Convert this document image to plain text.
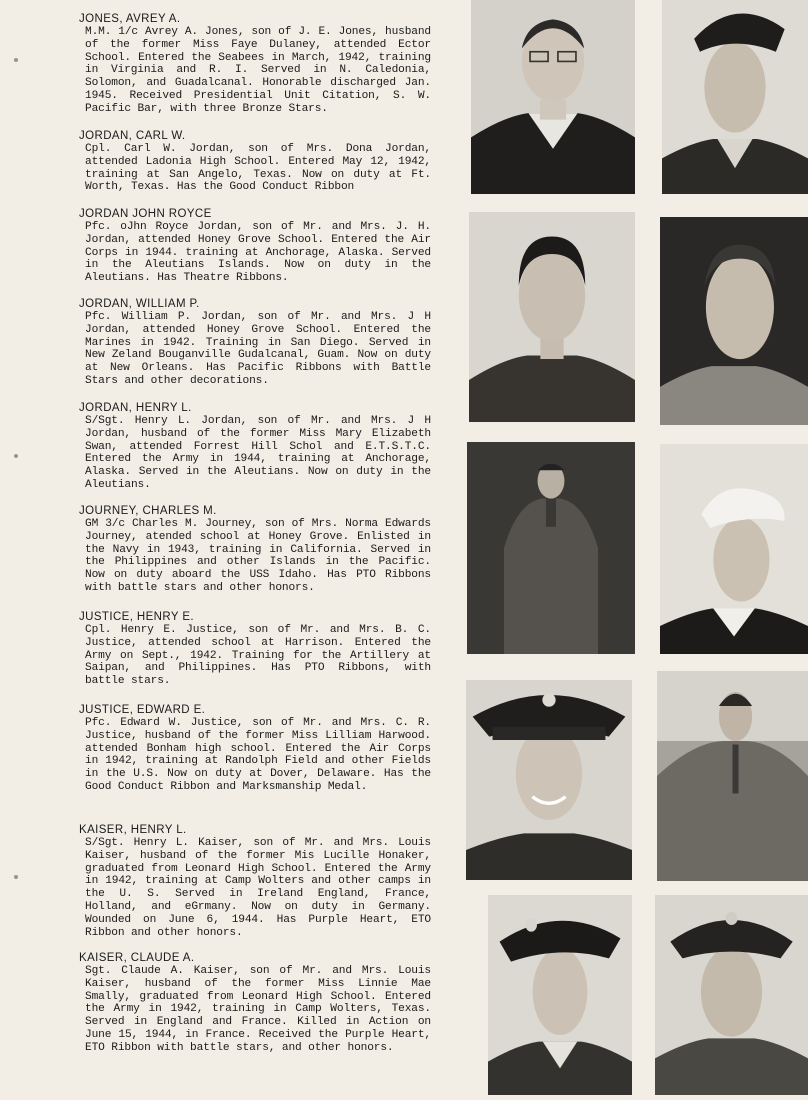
JONES, AVREY A.
M.M. 1/c Avrey A. Jones, son of J. E. Jones, husband of the former Miss Faye Dulaney, attended Ector School. Entered the Seabees in March, 1942, training in Virginia and R. I. Served in N. Caledonia, Solomon, and Guadalcanal. Honorable discharged Jan. 1945. Received Presidential Unit Citation, S. W. Pacific Bar, with three Bronze Stars.
JORDAN, CARL W.
Cpl. Carl W. Jordan, son of Mrs. Dona Jordan, attended Ladonia High School. Entered May 12, 1942, training at San Angelo, Texas. Now on duty at Ft. Worth, Texas. Has the Good Conduct Ribbon
JORDAN JOHN ROYCE
Pfc. oJhn Royce Jordan, son of Mr. and Mrs. J. H. Jordan, attended Honey Grove School. Entered the Air Corps in 1944. training at Anchorage, Alaska. Served in the Aleutians Islands. Now on duty in the Aleutians. Has Theatre Ribbons.
JORDAN, WILLIAM P.
Pfc. William P. Jordan, son of Mr. and Mrs. J H Jordan, attended Honey Grove School. Entered the Marines in 1942. Training in San Diego. Served in New Zeland Bouganville Gudalcanal, Guam. Now on duty at New Orleans. Has Pacific Ribbons with Battle Stars and other decorations.
JORDAN, HENRY L.
S/Sgt. Henry L. Jordan, son of Mr. and Mrs. J H Jordan, husband of the former Miss Mary Elizabeth Swan, attended Forrest Hill Schol and E.T.S.T.C. Entered the Army in 1944, training at Anchorage, Alaska. Served in the Aleutians. Now on duty in the Aleutians.
JOURNEY, CHARLES M.
GM 3/c Charles M. Journey, son of Mrs. Norma Edwards Journey, atended school at Honey Grove. Enlisted in the Navy in 1943, training in California. Served in the Philippines and other Islands in the Pacific. Now on duty aboard the USS Idaho. Has PTO Ribbons with battle stars and other honors.
JUSTICE, HENRY E.
Cpl. Henry E. Justice, son of Mr. and Mrs. B. C. Justice, attended school at Harrison. Entered the Army on Sept., 1942. Training for the Artillery at Saipan, and Philippines. Has PTO Ribbons, with battle stars.
JUSTICE, EDWARD E.
Pfc. Edward W. Justice, son of Mr. and Mrs. C. R. Justice, husband of the former Miss Lilliam Harwood. attended Bonham high school. Entered the Air Corps in 1942, training at Randolph Field and other Fields in the U.S. Now on duty at Dover, Delaware. Has the Good Conduct Ribbon and Marksmanship Medal.
KAISER, HENRY L.
S/Sgt. Henry L. Kaiser, son of Mr. and Mrs. Louis Kaiser, husband of the former Mis Lucille Honaker, graduated from Leonard High School. Entered the Army in 1942, training at Camp Wolters and other camps in the U. S. Served in Ireland England, France, Holland, and eGrmany. Now on duty in Germany. Wounded on June 6, 1944. Has Purple Heart, ETO Ribbon and other honors.
KAISER, CLAUDE A.
Sgt. Claude A. Kaiser, son of Mr. and Mrs. Louis Kaiser, husband of the former Miss Linnie Mae Smally, graduated from Leonard High School. Entered the Army in 1942, training in Camp Wolters, Texas. Served in England and France. Killed in Action on June 15, 1944, in France. Received the Purple Heart, ETO Ribbon with battle stars, and other honors.
